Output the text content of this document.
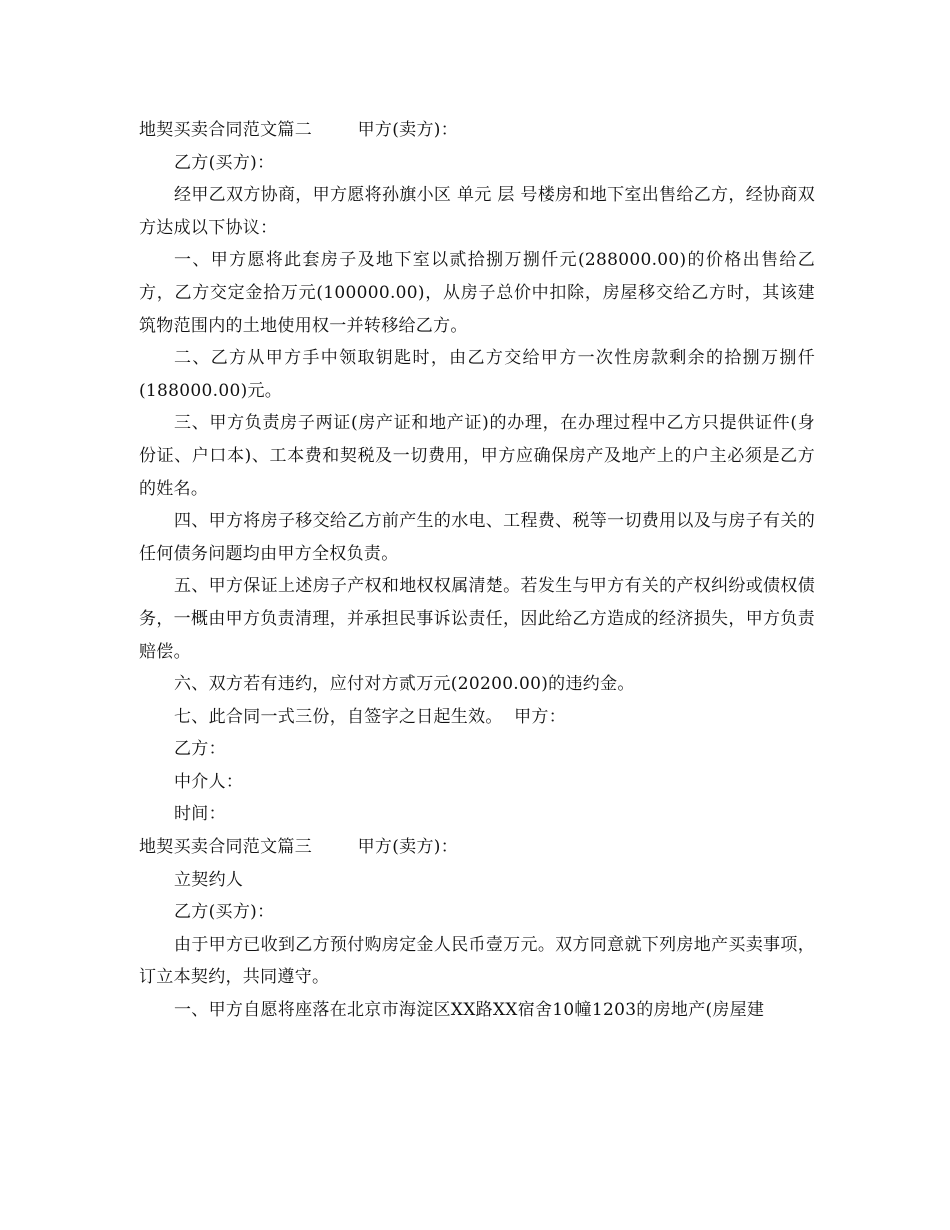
地契买卖合同范文篇二        甲方(卖方)：

乙方(买方)：

经甲乙双方协商，甲方愿将孙旗小区 单元 层 号楼房和地下室出售给乙方，经协商双方达成以下协议：

一、甲方愿将此套房子及地下室以贰拾捌万捌仟元(288000.00)的价格出售给乙方，乙方交定金拾万元(100000.00)，从房子总价中扣除，房屋移交给乙方时，其该建筑物范围内的土地使用权一并转移给乙方。

二、乙方从甲方手中领取钥匙时，由乙方交给甲方一次性房款剩余的拾捌万捌仟(188000.00)元。

三、甲方负责房子两证(房产证和地产证)的办理，在办理过程中乙方只提供证件(身份证、户口本)、工本费和契税及一切费用，甲方应确保房产及地产上的户主必须是乙方的姓名。

四、甲方将房子移交给乙方前产生的水电、工程费、税等一切费用以及与房子有关的任何债务问题均由甲方全权负责。

五、甲方保证上述房子产权和地权权属清楚。若发生与甲方有关的产权纠纷或债权债务，一概由甲方负责清理，并承担民事诉讼责任，因此给乙方造成的经济损失，甲方负责赔偿。

六、双方若有违约，应付对方贰万元(20200.00)的违约金。

七、此合同一式三份，自签字之日起生效。  甲方：

乙方：

中介人：

时间：

地契买卖合同范文篇三        甲方(卖方)：

立契约人

乙方(买方)：

由于甲方已收到乙方预付购房定金人民币壹万元。双方同意就下列房地产买卖事项，订立本契约，共同遵守。

一、甲方自愿将座落在北京市海淀区XX路XX宿舍10幢1203的房地产(房屋建
